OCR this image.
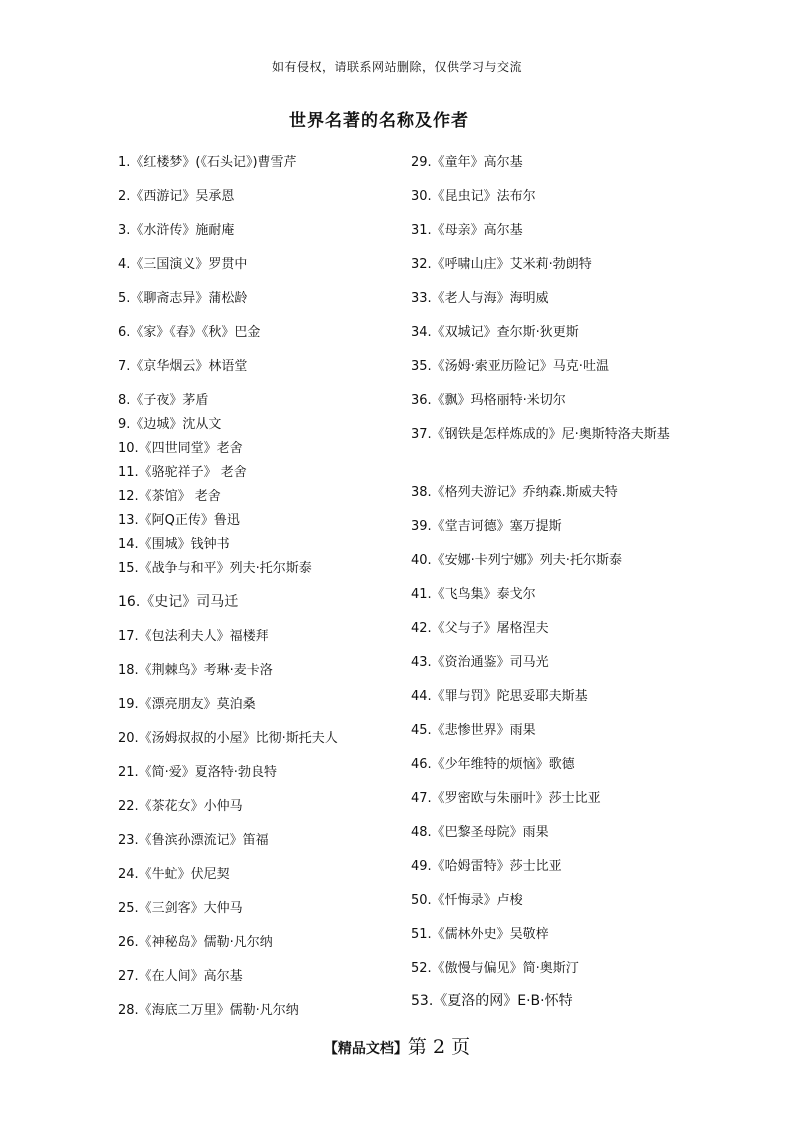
如有侵权，请联系网站删除，仅供学习与交流
世界名著的名称及作者
1.《红楼梦》(《石头记》)曹雪芹
2.《西游记》吴承恩
3.《水浒传》施耐庵
4.《三国演义》罗贯中
5.《聊斋志异》蒲松龄
6.《家》《春》《秋》巴金
7.《京华烟云》林语堂
8.《子夜》茅盾
9.《边城》沈从文
10.《四世同堂》老舍
11.《骆驼祥子》 老舍
12.《茶馆》 老舍
13.《阿Q正传》鲁迅
14.《围城》钱钟书
15.《战争与和平》列夫·托尔斯泰
16.《史记》司马迁
17.《包法利夫人》福楼拜
18.《荆棘鸟》考琳·麦卡洛
19.《漂亮朋友》莫泊桑
20.《汤姆叔叔的小屋》比彻·斯托夫人
21.《简·爱》夏洛特·勃良特
22.《茶花女》小仲马
23.《鲁滨孙漂流记》笛福
24.《牛虻》伏尼契
25.《三剑客》大仲马
26.《神秘岛》儒勒·凡尔纳
27.《在人间》高尔基
28.《海底二万里》儒勒·凡尔纳
29.《童年》高尔基
30.《昆虫记》法布尔
31.《母亲》高尔基
32.《呼啸山庄》艾米莉·勃朗特
33.《老人与海》海明威
34.《双城记》查尔斯·狄更斯
35.《汤姆·索亚历险记》马克·吐温
36.《飘》玛格丽特·米切尔
37.《钢铁是怎样炼成的》尼·奥斯特洛夫斯基
38.《格列夫游记》乔纳森.斯威夫特
39.《堂吉诃德》塞万提斯
40.《安娜·卡列宁娜》列夫·托尔斯泰
41.《飞鸟集》泰戈尔
42.《父与子》屠格涅夫
43.《资治通鉴》司马光
44.《罪与罚》陀思妥耶夫斯基
45.《悲惨世界》雨果
46.《少年维特的烦恼》歌德
47.《罗密欧与朱丽叶》莎士比亚
48.《巴黎圣母院》雨果
49.《哈姆雷特》莎士比亚
50.《忏悔录》卢梭
51.《儒林外史》吴敬梓
52.《傲慢与偏见》简·奥斯汀
53.《夏洛的网》E·B·怀特
【精品文档】第 2 页
